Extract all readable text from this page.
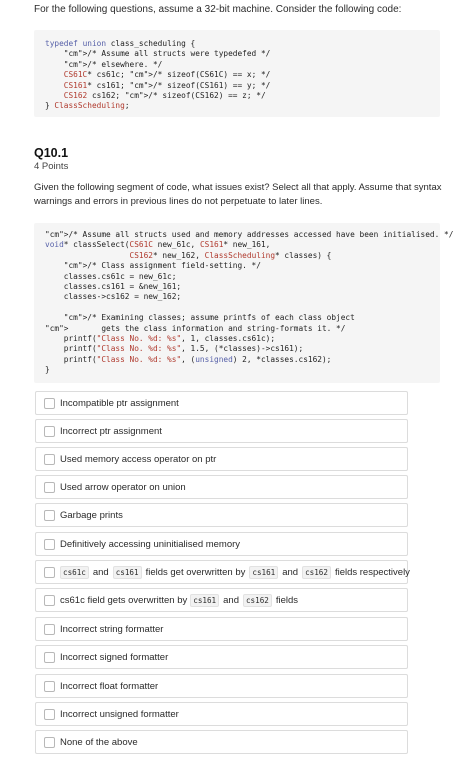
For the following questions, assume a 32-bit machine. Consider the following code:
typedef union class_scheduling {
"cm">/* Assume all structs were typedefed */
"cm">/* elsewhere. */
CS61C* cs61c; "cm">/* sizeof(CS61C) == x; */
CS161* cs161; "cm">/* sizeof(CS161) == y; */
CS162 cs162; "cm">/* sizeof(CS162) == z; */
} ClassScheduling;

Q10.1
4 Points
Given the following segment of code, what issues exist? Select all that apply. Assume that syntax warnings and errors in previous lines do not perpetuate to later lines.
"cm">/* Assume all structs used and memory addresses accessed have been initialised. */
void* classSelect(CS61C new_61c, CS161* new_161,
CS162* new_162, ClassScheduling* classes) {
"cm">/* Class assignment field-setting. */
classes.cs61c = new_61c;
classes.cs161 = &new_161;
classes->cs162 = new_162;

"cm">/* Examining classes; assume printfs of each class object
"cm">       gets the class information and string-formats it. */
printf("Class No. %d: %s", 1, classes.cs61c);
printf("Class No. %d: %s", 1.5, (*classes)->cs161);
printf("Class No. %d: %s", (unsigned) 2, *classes.cs162);
}

Incompatible ptr assignment
Incorrect ptr assignment
Used memory access operator on ptr
Used arrow operator on union
Garbage prints
Definitively accessing uninitialised memory
cs61c and cs161 fields get overwritten by cs161 and cs162 fields respectively
cs61c field gets overwritten by cs161 and cs162 fields
Incorrect string formatter
Incorrect signed formatter
Incorrect float formatter
Incorrect unsigned formatter
None of the above
